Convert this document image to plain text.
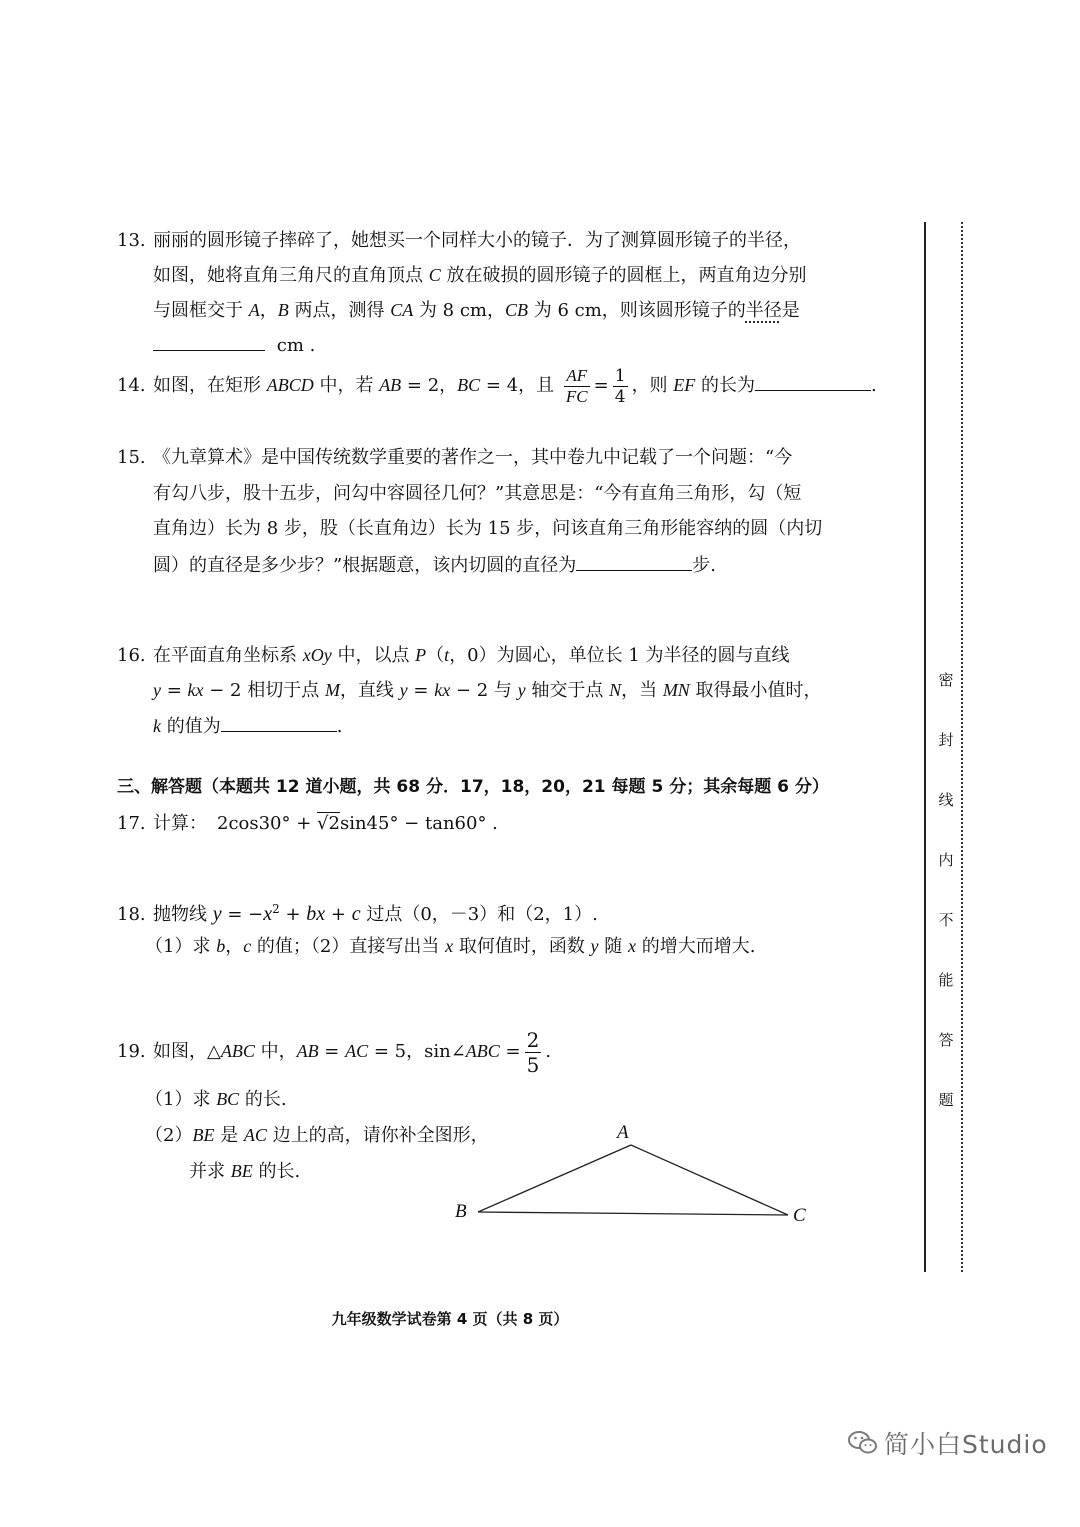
13. 丽丽的圆形镜子摔碎了，她想买一个同样大小的镜子．为了测算圆形镜子的半径，
如图，她将直角三角尺的直角顶点 C 放在破损的圆形镜子的圆框上，两直角边分别
与圆框交于 A，B 两点，测得 CA 为 8 cm，CB 为 6 cm，则该圆形镜子的半径是
cm .
14. 如图，在矩形 ABCD 中，若 AB = 2，BC = 4，且 $\frac{AF}{FC} = \frac{1}{4}$ ，则 EF 的长为	.
15. 《九章算术》是中国传统数学重要的著作之一，其中卷九中记载了一个问题：“今
有勾八步，股十五步，问勾中容圆径几何？”其意思是：“今有直角三角形，勾（短
直角边）长为 8 步，股（长直角边）长为 15 步，问该直角三角形能容纳的圆（内切
圆）的直径是多少步？”根据题意，该内切圆的直径为	步.
16. 在平面直角坐标系 xOy 中，以点 P（t，0）为圆心，单位长 1 为半径的圆与直线
y = kx − 2 相切于点 M，直线 y = kx − 2 与 y 轴交于点 N，当 MN 取得最小值时，
k 的值为	.
三、解答题（本题共 12 道小题，共 68 分．17，18，20，21 每题 5 分；其余每题 6 分）
17. 计算： 2cos30° + √2sin45° − tan60° .
18. 抛物线 $y = -x^2$ + bx + c 过点（0，－3）和（2，1）.
（1）求 b，c 的值；（2）直接写出当 x 取何值时，函数 y 随 x 的增大而增大.
19. 如图，△ABC 中，AB = AC = 5，sin∠ABC = $\frac{2}{5}$ .
（1）求 BC 的长.
（2）BE 是 AC 边上的高，请你补全图形，
并求 BE 的长.
A
B	C
密
封
线
内
不
能
答
题
九年级数学试卷第 4 页（共 8 页）
简小白Studio
